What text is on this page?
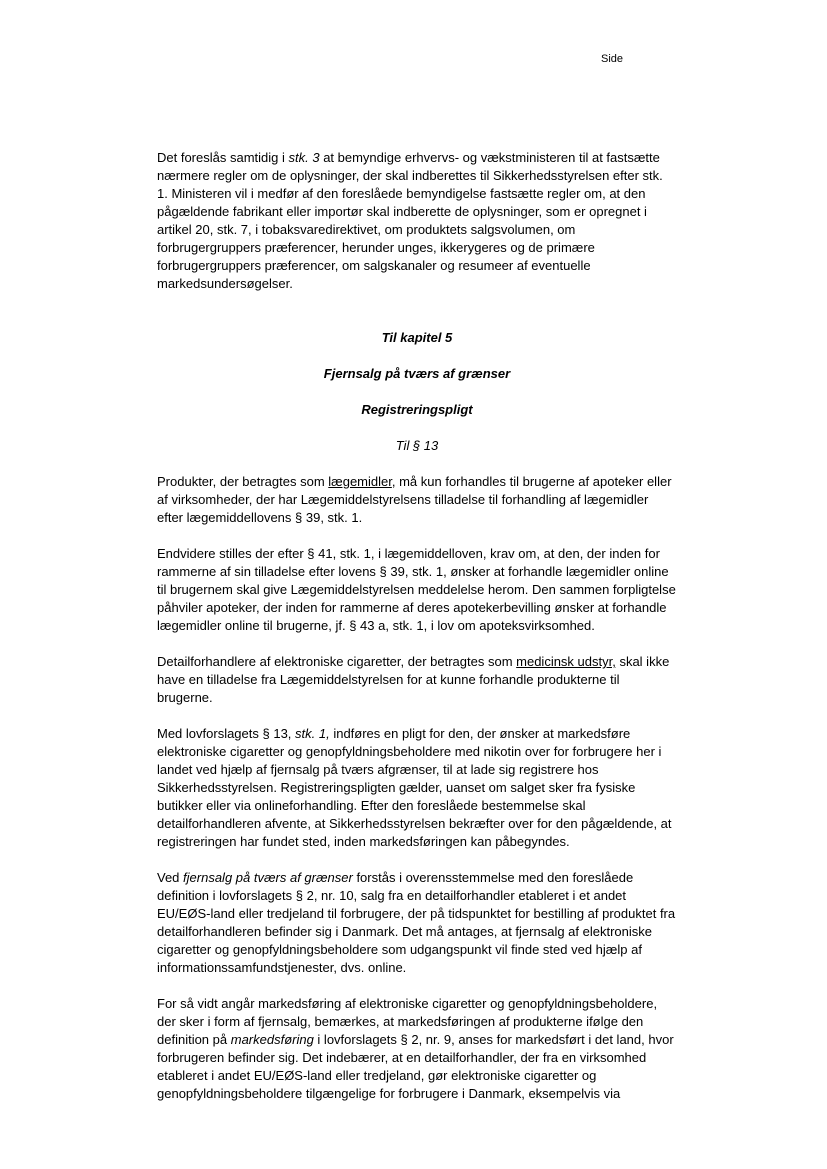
Side

Det foreslås samtidig i stk. 3 at bemyndige erhvervs- og vækstministeren til at fastsætte nærmere regler om de oplysninger, der skal indberettes til Sikkerhedsstyrelsen efter stk. 1. Ministeren vil i medfør af den foreslåede bemyndigelse fastsætte regler om, at den pågældende fabrikant eller importør skal indberette de oplysninger, som er opregnet i artikel 20, stk. 7, i tobaksvaredirektivet, om produktets salgsvolumen, om forbrugergruppers præferencer, herunder unges, ikkerygeres og de primære forbrugergruppers præferencer, om salgskanaler og resumeer af eventuelle markedsundersøgelser.

Til kapitel 5

Fjernsalg på tværs af grænser

Registreringspligt

Til § 13

Produkter, der betragtes som lægemidler, må kun forhandles til brugerne af apoteker eller af virksomheder, der har Lægemiddelstyrelsens tilladelse til forhandling af lægemidler efter lægemiddellovens § 39, stk. 1.

Endvidere stilles der efter § 41, stk. 1, i lægemiddelloven, krav om, at den, der inden for rammerne af sin tilladelse efter lovens § 39, stk. 1, ønsker at forhandle lægemidler online til brugernem skal give Lægemiddelstyrelsen meddelelse herom. Den sammen forpligtelse påhviler apoteker, der inden for rammerne af deres apotekerbevilling ønsker at forhandle lægemidler online til brugerne, jf. § 43 a, stk. 1, i lov om apoteksvirksomhed.

Detailforhandlere af elektroniske cigaretter, der betragtes som medicinsk udstyr, skal ikke have en tilladelse fra Lægemiddelstyrelsen for at kunne forhandle produkterne til brugerne.

Med lovforslagets § 13, stk. 1, indføres en pligt for den, der ønsker at markedsføre elektroniske cigaretter og genopfyldningsbeholdere med nikotin over for forbrugere her i landet ved hjælp af fjernsalg på tværs afgrænser, til at lade sig registrere hos Sikkerhedsstyrelsen. Registreringspligten gælder, uanset om salget sker fra fysiske butikker eller via onlineforhandling. Efter den foreslåede bestemmelse skal detailforhandleren afvente, at Sikkerhedsstyrelsen bekræfter over for den pågældende, at registreringen har fundet sted, inden markedsføringen kan påbegyndes.

Ved fjernsalg på tværs af grænser forstås i overensstemmelse med den foreslåede definition i lovforslagets § 2, nr. 10, salg fra en detailforhandler etableret i et andet EU/EØS-land eller tredjeland til forbrugere, der på tidspunktet for bestilling af produktet fra detailforhandleren befinder sig i Danmark. Det må antages, at fjernsalg af elektroniske cigaretter og genopfyldningsbeholdere som udgangspunkt vil finde sted ved hjælp af informationssamfundstjenester, dvs. online.

For så vidt angår markedsføring af elektroniske cigaretter og genopfyldningsbeholdere, der sker i form af fjernsalg, bemærkes, at markedsføringen af produkterne ifølge den definition på markedsføring i lovforslagets § 2, nr. 9, anses for markedsført i det land, hvor forbrugeren befinder sig. Det indebærer, at en detailforhandler, der fra en virksomhed etableret i andet EU/EØS-land eller tredjeland, gør elektroniske cigaretter og genopfyldningsbeholdere tilgængelige for forbrugere i Danmark, eksempelvis via
